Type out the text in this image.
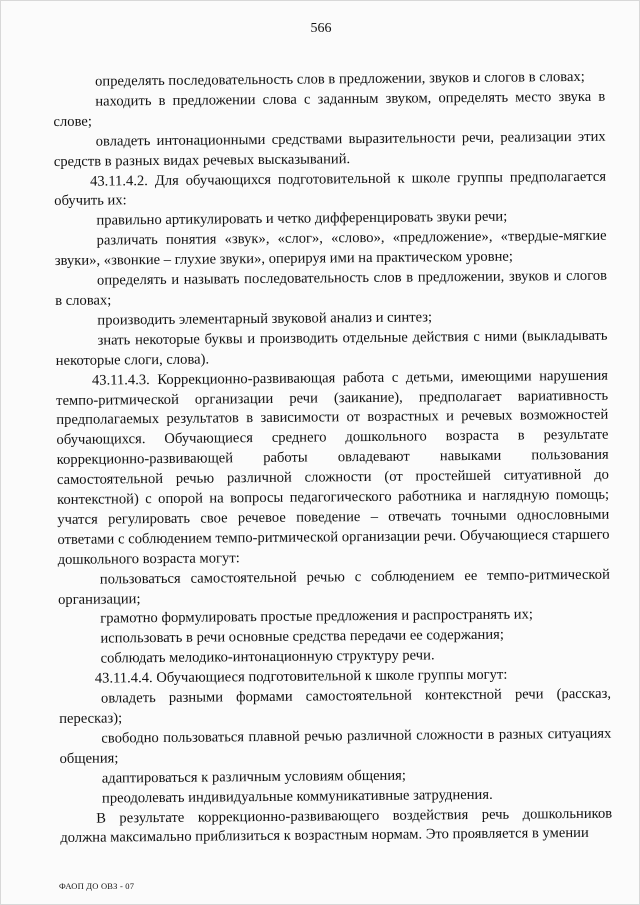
566

определять последовательность слов в предложении, звуков и слогов в словах;

находить в предложении слова с заданным звуком, определять место звука в слове;

овладеть интонационными средствами выразительности речи, реализации этих средств в разных видах речевых высказываний.

43.11.4.2. Для обучающихся подготовительной к школе группы предполагается обучить их:

правильно артикулировать и четко дифференцировать звуки речи;

различать понятия «звук», «слог», «слово», «предложение», «твердые-мягкие звуки», «звонкие – глухие звуки», оперируя ими на практическом уровне;

определять и называть последовательность слов в предложении, звуков и слогов в словах;

производить элементарный звуковой анализ и синтез;

знать некоторые буквы и производить отдельные действия с ними (выкладывать некоторые слоги, слова).

43.11.4.3. Коррекционно-развивающая работа с детьми, имеющими нарушения темпо-ритмической организации речи (заикание), предполагает вариативность предполагаемых результатов в зависимости от возрастных и речевых возможностей обучающихся. Обучающиеся среднего дошкольного возраста в результате коррекционно-развивающей работы овладевают навыками пользования самостоятельной речью различной сложности (от простейшей ситуативной до контекстной) с опорой на вопросы педагогического работника и наглядную помощь; учатся регулировать свое речевое поведение – отвечать точными однословными ответами с соблюдением темпо-ритмической организации речи. Обучающиеся старшего дошкольного возраста могут:

пользоваться самостоятельной речью с соблюдением ее темпо-ритмической организации;

грамотно формулировать простые предложения и распространять их;

использовать в речи основные средства передачи ее содержания;

соблюдать мелодико-интонационную структуру речи.

43.11.4.4. Обучающиеся подготовительной к школе группы могут:

овладеть разными формами самостоятельной контекстной речи (рассказ, пересказ);

свободно пользоваться плавной речью различной сложности в разных ситуациях общения;

адаптироваться к различным условиям общения;

преодолевать индивидуальные коммуникативные затруднения.

В результате коррекционно-развивающего воздействия речь дошкольников должна максимально приблизиться к возрастным нормам. Это проявляется в умении

ФАОП ДО ОВЗ - 07
